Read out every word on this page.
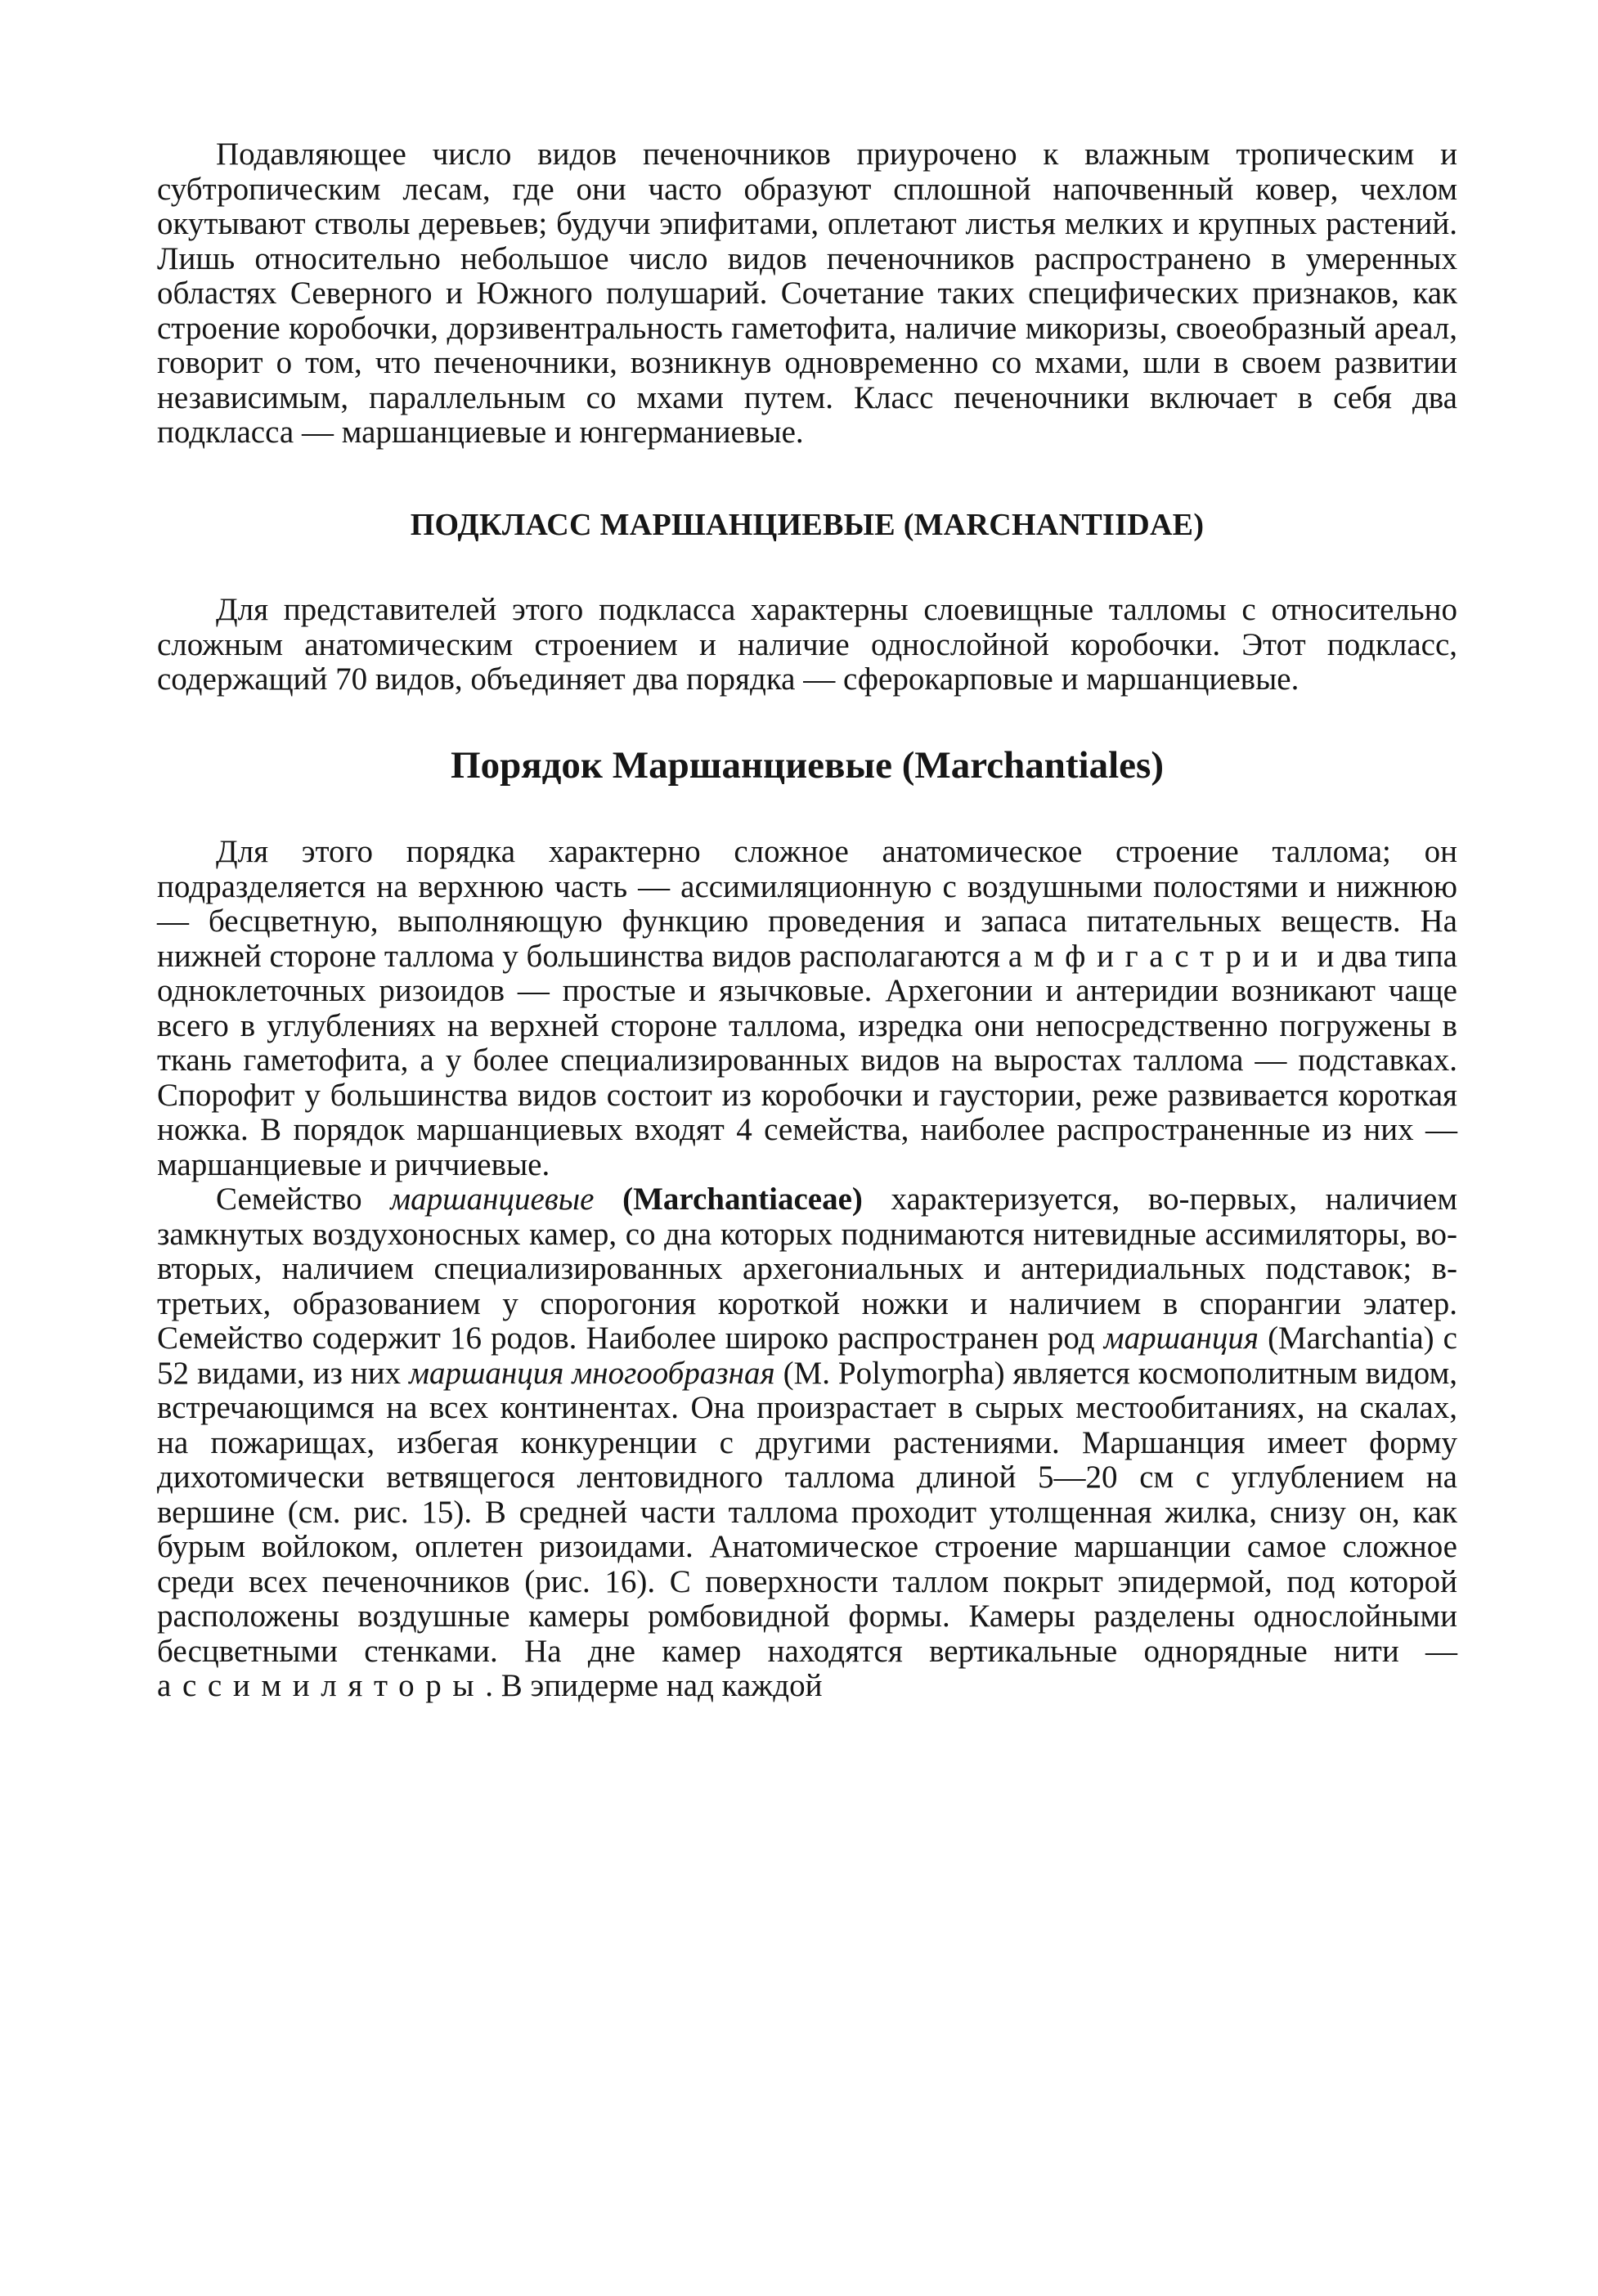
Подавляющее число видов печеночников приурочено к влажным тропическим и субтропическим лесам, где они часто образуют сплошной напочвенный ковер, чехлом окутывают стволы деревьев; будучи эпифитами, оплетают листья мелких и крупных растений. Лишь относительно небольшое число видов печеночников распространено в умеренных областях Северного и Южного полушарий. Сочетание таких специфических признаков, как строение коробочки, дорзивентральность гаметофита, наличие микоризы, своеобразный ареал, говорит о том, что печеночники, возникнув одновременно со мхами, шли в своем развитии независимым, параллельным со мхами путем. Класс печеночники включает в себя два подкласса — маршанциевые и юнгерманиевые.

ПОДКЛАСС МАРШАНЦИЕВЫЕ (MARCHANTIIDAE)

Для представителей этого подкласса характерны слоевищные талломы с относительно сложным анатомическим строением и наличие однослойной коробочки. Этот подкласс, содержащий 70 видов, объединяет два порядка — сферокарповые и маршанциевые.

Порядок Маршанциевые (Marchantiales)

Для этого порядка характерно сложное анатомическое строение таллома; он подразделяется на верхнюю часть — ассимиляционную с воздушными полостями и нижнюю — бесцветную, выполняющую функцию проведения и запаса питательных веществ. На нижней стороне таллома у большинства видов располагаются амфигастрии и два типа одноклеточных ризоидов — простые и язычковые. Архегонии и антеридии возникают чаще всего в углублениях на верхней стороне таллома, изредка они непосредственно погружены в ткань гаметофита, а у более специализированных видов на выростах таллома — подставках. Спорофит у большинства видов состоит из коробочки и гаустории, реже развивается короткая ножка. В порядок маршанциевых входят 4 семейства, наиболее распространенные из них — маршанциевые и риччиевые.

Семейство маршанциевые (Marchantiaceae) характеризуется, во-первых, наличием замкнутых воздухоносных камер, со дна которых поднимаются нитевидные ассимиляторы, во-вторых, наличием специализированных архегониальных и антеридиальных подставок; в-третьих, образованием у спорогония короткой ножки и наличием в спорангии элатер. Семейство содержит 16 родов. Наиболее широко распространен род маршанция (Marchantia) с 52 видами, из них маршанция многообразная (M. Polymorpha) является космополитным видом, встречающимся на всех континентах. Она произрастает в сырых местообитаниях, на скалах, на пожарищах, избегая конкуренции с другими растениями. Маршанция имеет форму дихотомически ветвящегося лентовидного таллома длиной 5—20 см с углублением на вершине (см. рис. 15). В средней части таллома проходит утолщенная жилка, снизу он, как бурым войлоком, оплетен ризоидами. Анатомическое строение маршанции самое сложное среди всех печеночников (рис. 16). С поверхности таллом покрыт эпидермой, под которой расположены воздушные камеры ромбовидной формы. Камеры разделены однослойными бесцветными стенками. На дне камер находятся вертикальные однорядные нити — ассимиляторы. В эпидерме над каждой
